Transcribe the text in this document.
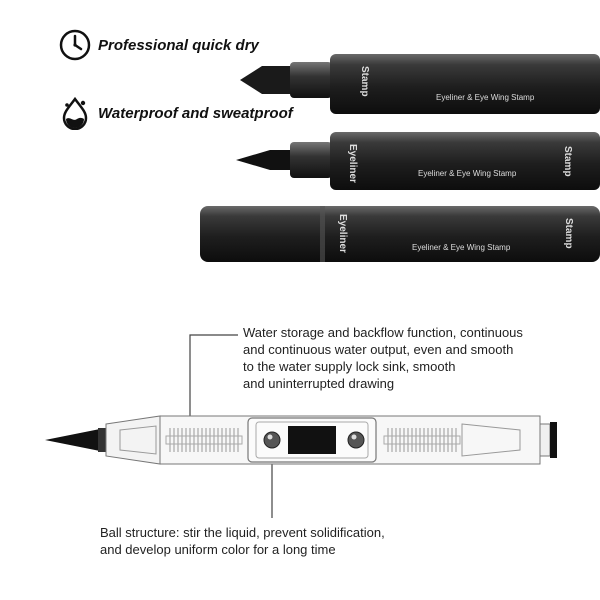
Professional quick dry
Waterproof and sweatproof
Stamp
Eyeliner & Eye Wing Stamp
Eyeliner	Eyeliner & Eye Wing Stamp	Stamp
Eyeliner	Eyeliner & Eye Wing Stamp	Stamp
Water storage and backflow function, continuous
and continuous water output, even and smooth
to the water supply lock sink, smooth
and uninterrupted drawing
Ball structure: stir the liquid, prevent solidification,
and develop uniform color for a long time
